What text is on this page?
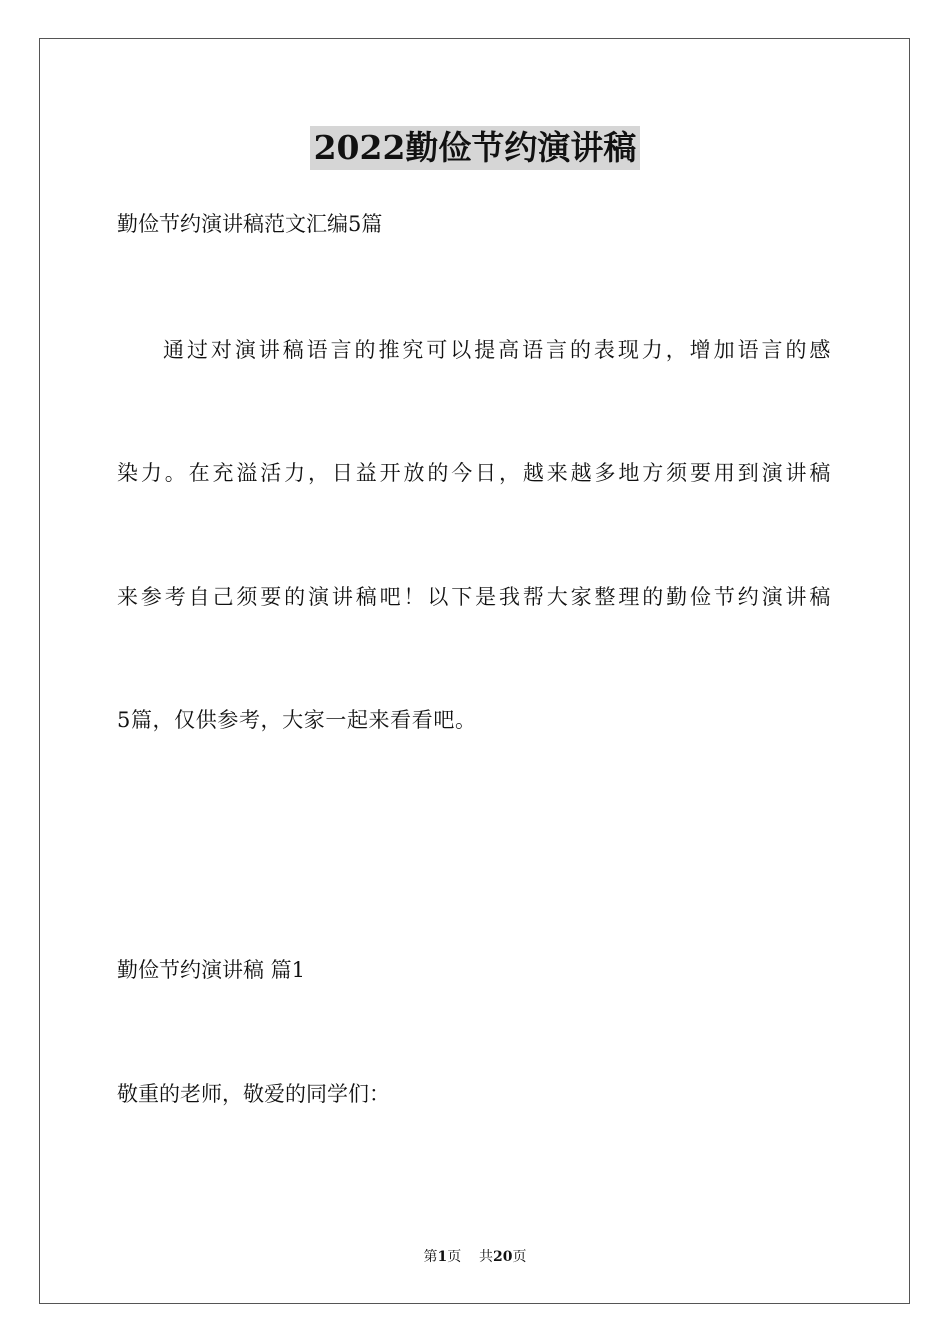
2022勤俭节约演讲稿
勤俭节约演讲稿范文汇编5篇
通过对演讲稿语言的推究可以提高语言的表现力，增加语言的感
染力。在充溢活力，日益开放的今日，越来越多地方须要用到演讲稿
来参考自己须要的演讲稿吧！以下是我帮大家整理的勤俭节约演讲稿
5篇，仅供参考，大家一起来看看吧。
勤俭节约演讲稿 篇1
敬重的老师，敬爱的同学们：
第1页 共20页
